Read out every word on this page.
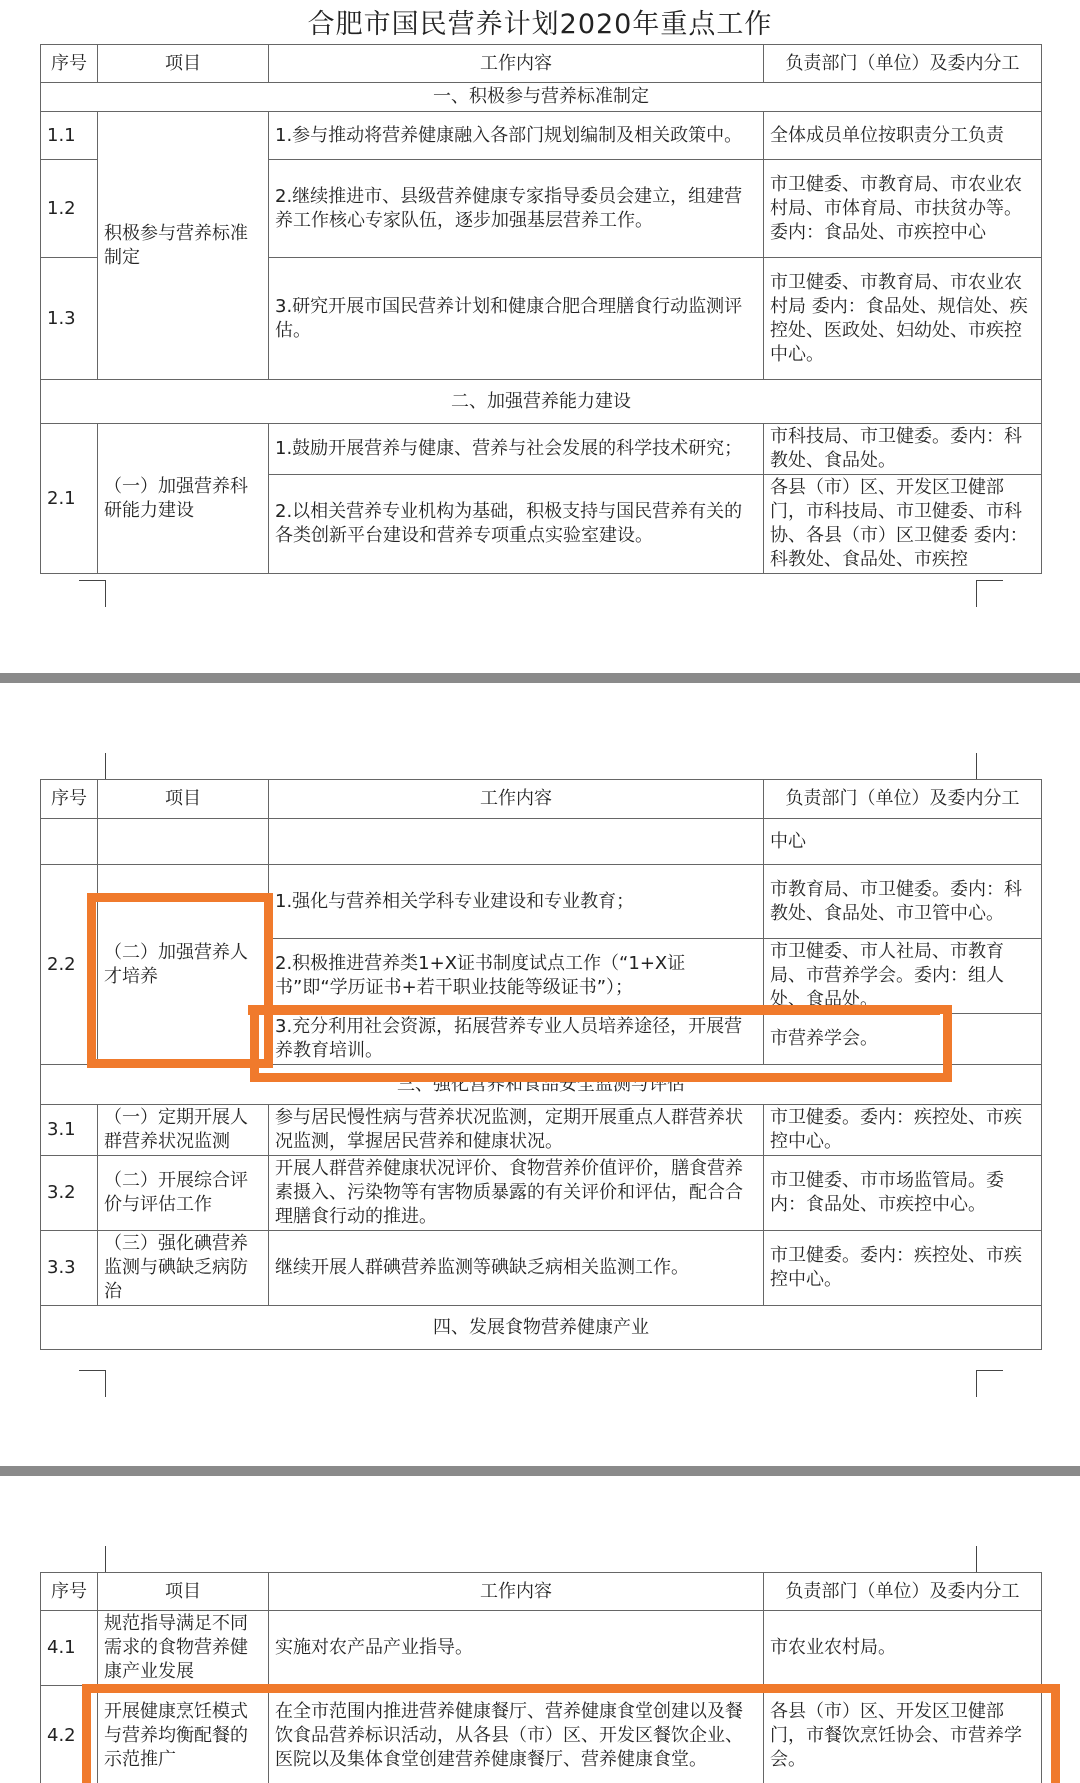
合肥市国民营养计划2020年重点工作
序号	项目	工作内容	负责部门（单位）及委内分工
一、积极参与营养标准制定			
1.1	积极参与营养标准制定	1.参与推动将营养健康融入各部门规划编制及相关政策中。	全体成员单位按职责分工负责
1.2		2.继续推进市、县级营养健康专家指导委员会建立，组建营养工作核心专家队伍，逐步加强基层营养工作。	市卫健委、市教育局、市农业农村局、市体育局、市扶贫办等。委内：食品处、市疾控中心
1.3		3.研究开展市国民营养计划和健康合肥合理膳食行动监测评估。	市卫健委、市教育局、市农业农村局 委内：食品处、规信处、疾控处、医政处、妇幼处、市疾控中心。
二、加强营养能力建设			
2.1	（一）加强营养科研能力建设	1.鼓励开展营养与健康、营养与社会发展的科学技术研究；	市科技局、市卫健委。委内：科教处、食品处。
		2.以相关营养专业机构为基础，积极支持与国民营养有关的各类创新平台建设和营养专项重点实验室建设。	各县（市）区、开发区卫健部门，市科技局、市卫健委、市科协、各县（市）区卫健委 委内：科教处、食品处、市疾控
序号	项目	工作内容	负责部门（单位）及委内分工
			中心
2.2	（二）加强营养人才培养	1.强化与营养相关学科专业建设和专业教育；	市教育局、市卫健委。委内：科教处、食品处、市卫管中心。
		2.积极推进营养类1+X证书制度试点工作（“1+X证书”即“学历证书+若干职业技能等级证书”）；	市卫健委、市人社局、市教育局、市营养学会。委内：组人处、食品处。
		3.充分利用社会资源，拓展营养专业人员培养途径，开展营养教育培训。	市营养学会。
三、强化营养和食品安全监测与评估			
3.1	（一）定期开展人群营养状况监测	参与居民慢性病与营养状况监测，定期开展重点人群营养状况监测，掌握居民营养和健康状况。	市卫健委。委内：疾控处、市疾控中心。
3.2	（二）开展综合评价与评估工作	开展人群营养健康状况评价、食物营养价值评价，膳食营养素摄入、污染物等有害物质暴露的有关评价和评估，配合合理膳食行动的推进。	市卫健委、市市场监管局。委内：食品处、市疾控中心。
3.3	（三）强化碘营养监测与碘缺乏病防治	继续开展人群碘营养监测等碘缺乏病相关监测工作。	市卫健委。委内：疾控处、市疾控中心。
四、发展食物营养健康产业			
序号	项目	工作内容	负责部门（单位）及委内分工
4.1	规范指导满足不同需求的食物营养健康产业发展	实施对农产品产业指导。	市农业农村局。
4.2	开展健康烹饪模式与营养均衡配餐的示范推广	在全市范围内推进营养健康餐厅、营养健康食堂创建以及餐饮食品营养标识活动，从各县（市）区、开发区餐饮企业、医院以及集体食堂创建营养健康餐厅、营养健康食堂。	各县（市）区、开发区卫健部门，市餐饮烹饪协会、市营养学会。
